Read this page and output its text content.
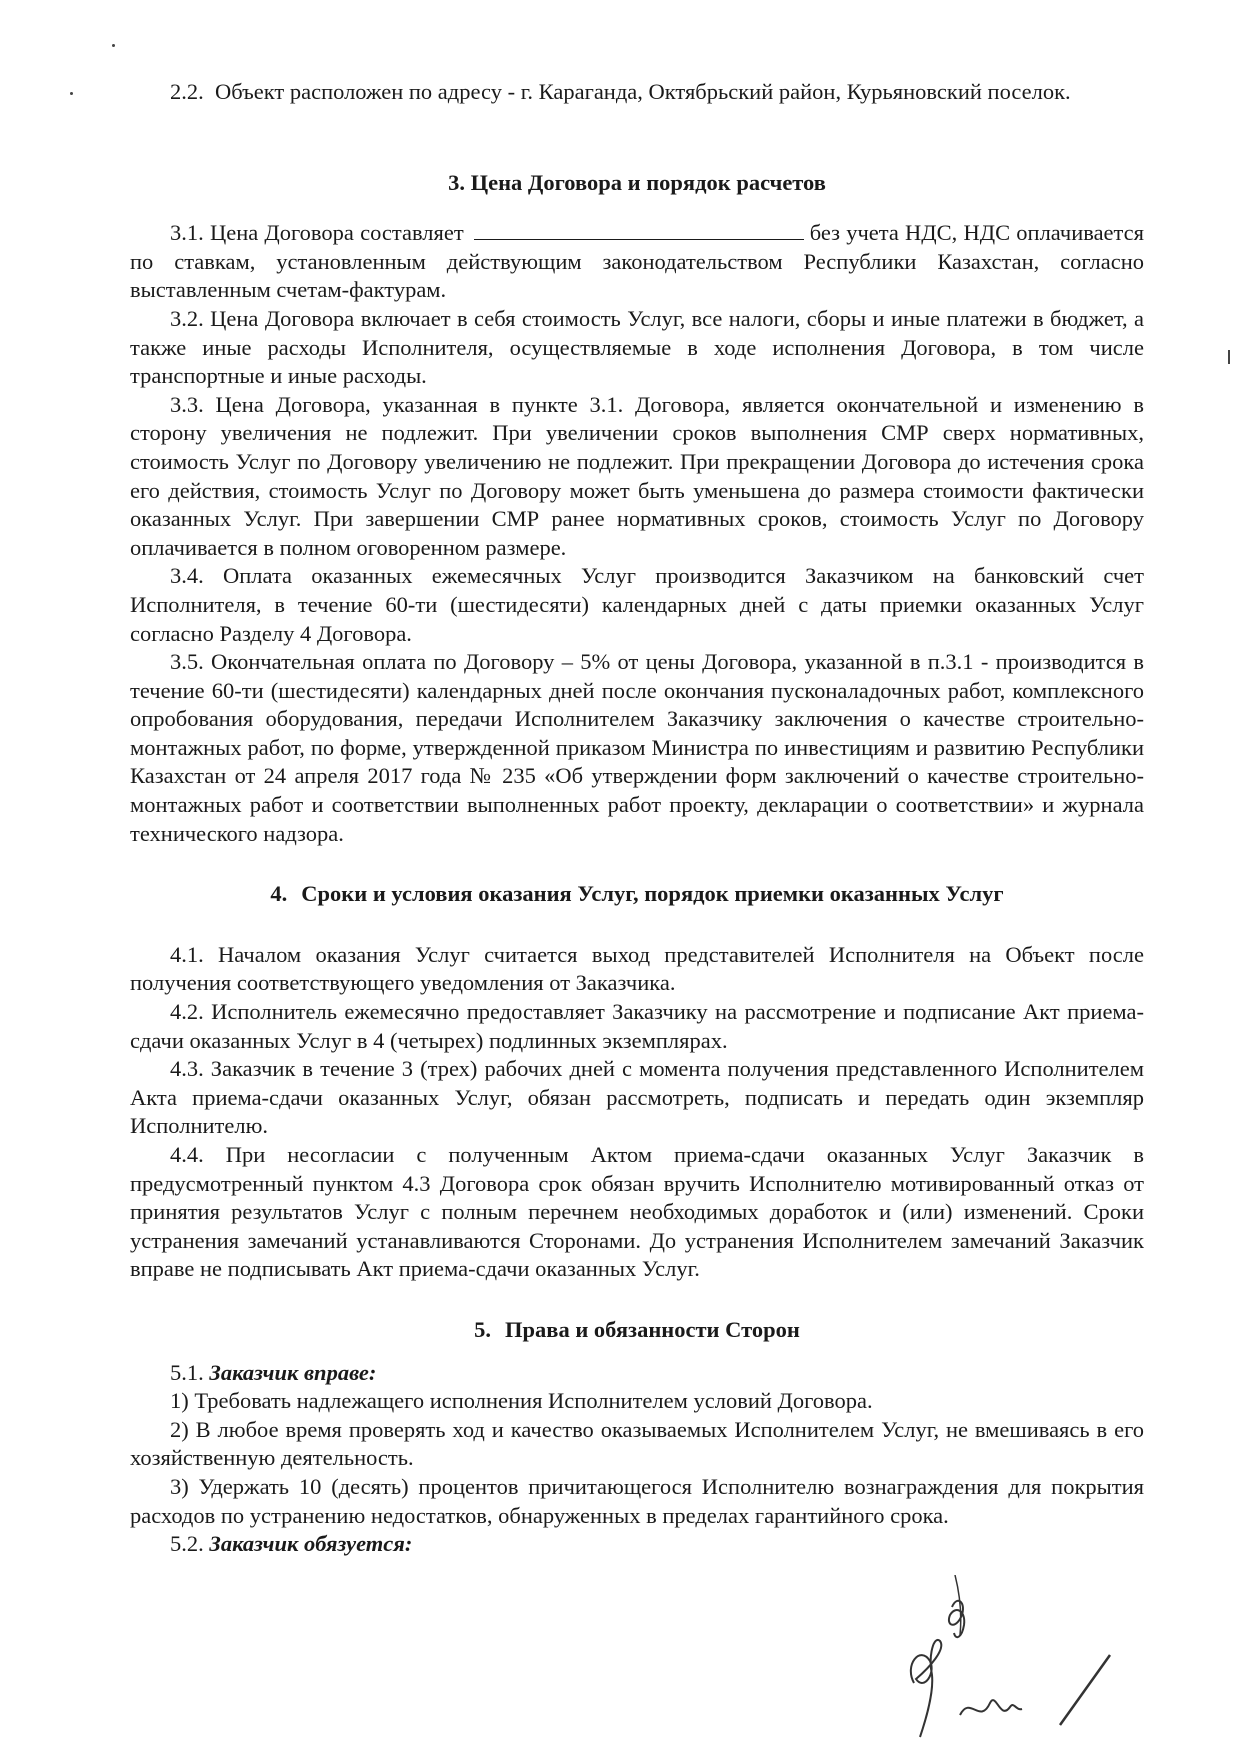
2.2. Объект расположен по адресу - г. Караганда, Октябрьский район, Курьяновский поселок.

3. Цена Договора и порядок расчетов

3.1. Цена Договора составляет	без учета НДС, НДС оплачивается по ставкам, установленным действующим законодательством Республики Казахстан, согласно выставленным счетам-фактурам.

3.2. Цена Договора включает в себя стоимость Услуг, все налоги, сборы и иные платежи в бюджет, а также иные расходы Исполнителя, осуществляемые в ходе исполнения Договора, в том числе транспортные и иные расходы.

3.3. Цена Договора, указанная в пункте 3.1. Договора, является окончательной и изменению в сторону увеличения не подлежит. При увеличении сроков выполнения СМР сверх нормативных, стоимость Услуг по Договору увеличению не подлежит. При прекращении Договора до истечения срока его действия, стоимость Услуг по Договору может быть уменьшена до размера стоимости фактически оказанных Услуг. При завершении СМР ранее нормативных сроков, стоимость Услуг по Договору оплачивается в полном оговоренном размере.

3.4. Оплата оказанных ежемесячных Услуг производится Заказчиком на банковский счет Исполнителя, в течение 60-ти (шестидесяти) календарных дней с даты приемки оказанных Услуг согласно Разделу 4 Договора.

3.5. Окончательная оплата по Договору – 5% от цены Договора, указанной в п.3.1 - производится в течение 60-ти (шестидесяти) календарных дней после окончания пусконаладочных работ, комплексного опробования оборудования, передачи Исполнителем Заказчику заключения о качестве строительно-монтажных работ, по форме, утвержденной приказом Министра по инвестициям и развитию Республики Казахстан от 24 апреля 2017 года № 235 «Об утверждении форм заключений о качестве строительно-монтажных работ и соответствии выполненных работ проекту, декларации о соответствии» и журнала технического надзора.

4. Сроки и условия оказания Услуг, порядок приемки оказанных Услуг

4.1. Началом оказания Услуг считается выход представителей Исполнителя на Объект после получения соответствующего уведомления от Заказчика.

4.2. Исполнитель ежемесячно предоставляет Заказчику на рассмотрение и подписание Акт приема-сдачи оказанных Услуг в 4 (четырех) подлинных экземплярах.

4.3. Заказчик в течение 3 (трех) рабочих дней с момента получения представленного Исполнителем Акта приема-сдачи оказанных Услуг, обязан рассмотреть, подписать и передать один экземпляр Исполнителю.

4.4. При несогласии с полученным Актом приема-сдачи оказанных Услуг Заказчик в предусмотренный пунктом 4.3 Договора срок обязан вручить Исполнителю мотивированный отказ от принятия результатов Услуг с полным перечнем необходимых доработок и (или) изменений. Сроки устранения замечаний устанавливаются Сторонами. До устранения Исполнителем замечаний Заказчик вправе не подписывать Акт приема-сдачи оказанных Услуг.

5. Права и обязанности Сторон

5.1. Заказчик вправе:

1) Требовать надлежащего исполнения Исполнителем условий Договора.

2) В любое время проверять ход и качество оказываемых Исполнителем Услуг, не вмешиваясь в его хозяйственную деятельность.

3) Удержать 10 (десять) процентов причитающегося Исполнителю вознаграждения для покрытия расходов по устранению недостатков, обнаруженных в пределах гарантийного срока.

5.2. Заказчик обязуется:
